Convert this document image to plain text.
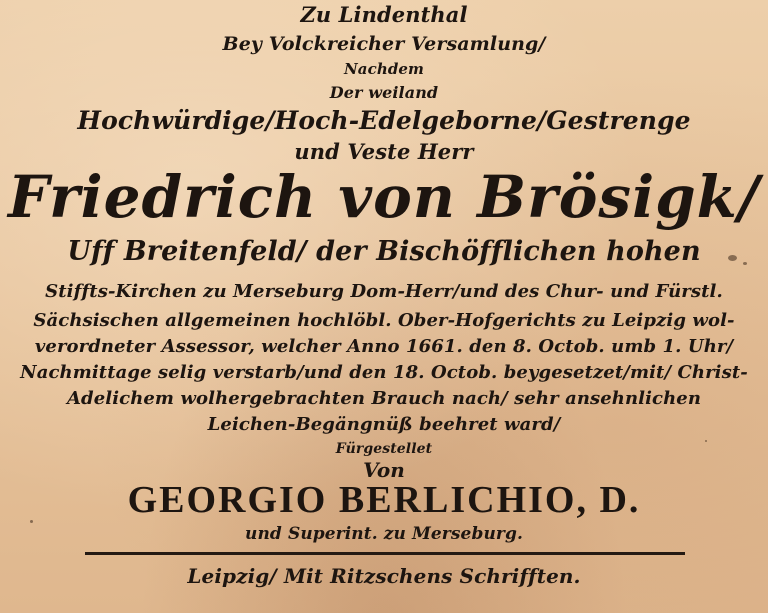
Zu Lindenthal
Bey Volckreicher Versamlung/
Nachdem
Der weiland
Hochwürdige/Hoch-Edelgeborne/Gestrenge
und Veste Herr
Friedrich von Brösigk/
Uff Breitenfeld/ der Bischöfflichen hohen
Stiffts-Kirchen zu Merseburg Dom-Herr/und des Chur- und Fürstl.
Sächsischen allgemeinen hochlöbl. Ober-Hofgerichts zu Leipzig wol-
verordneter Assessor, welcher Anno 1661. den 8. Octob. umb 1. Uhr/
Nachmittage selig verstarb/und den 18. Octob. beygesetzet/mit/ Christ-
Adelichem wolhergebrachten Brauch nach/ sehr ansehnlichen
Leichen-Begängnüß beehret ward/
Fürgestellet
Von
GEORGIO BERLICHIO, D.
und Superint. zu Merseburg.
Leipzig/ Mit Ritzschens Schrifften.
